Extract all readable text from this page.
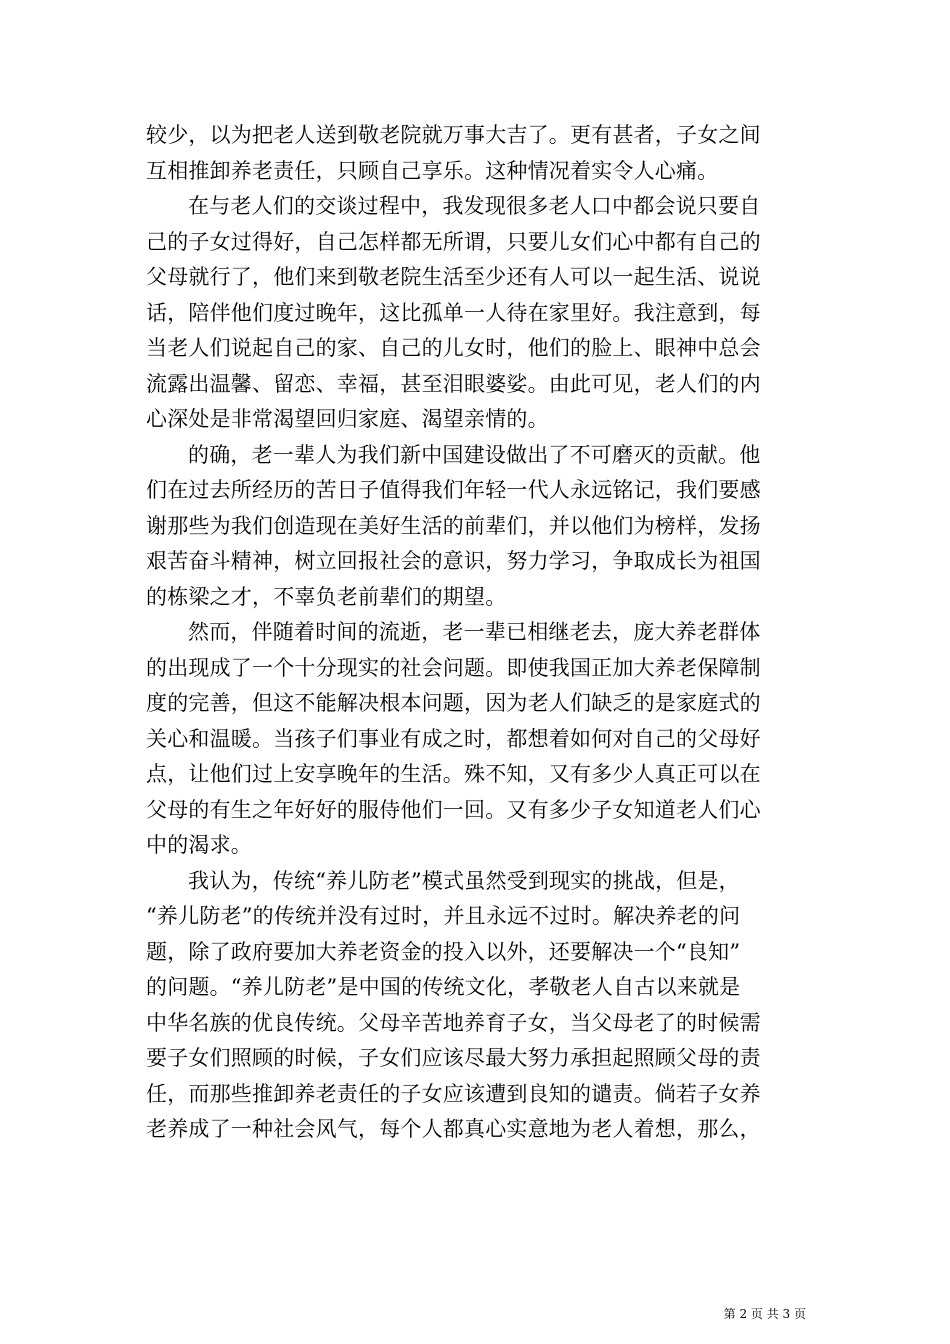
较少，以为把老人送到敬老院就万事大吉了。更有甚者，子女之间
互相推卸养老责任，只顾自己享乐。这种情况着实令人心痛。
在与老人们的交谈过程中，我发现很多老人口中都会说只要自
己的子女过得好，自己怎样都无所谓，只要儿女们心中都有自己的
父母就行了，他们来到敬老院生活至少还有人可以一起生活、说说
话，陪伴他们度过晚年，这比孤单一人待在家里好。我注意到，每
当老人们说起自己的家、自己的儿女时，他们的脸上、眼神中总会
流露出温馨、留恋、幸福，甚至泪眼婆娑。由此可见，老人们的内
心深处是非常渴望回归家庭、渴望亲情的。
的确，老一辈人为我们新中国建设做出了不可磨灭的贡献。他
们在过去所经历的苦日子值得我们年轻一代人永远铭记，我们要感
谢那些为我们创造现在美好生活的前辈们，并以他们为榜样，发扬
艰苦奋斗精神，树立回报社会的意识，努力学习，争取成长为祖国
的栋梁之才，不辜负老前辈们的期望。
然而，伴随着时间的流逝，老一辈已相继老去，庞大养老群体
的出现成了一个十分现实的社会问题。即使我国正加大养老保障制
度的完善，但这不能解决根本问题，因为老人们缺乏的是家庭式的
关心和温暖。当孩子们事业有成之时，都想着如何对自己的父母好
点，让他们过上安享晚年的生活。殊不知，又有多少人真正可以在
父母的有生之年好好的服侍他们一回。又有多少子女知道老人们心
中的渴求。
我认为，传统“养儿防老”模式虽然受到现实的挑战，但是，
“养儿防老”的传统并没有过时，并且永远不过时。解决养老的问
题，除了政府要加大养老资金的投入以外，还要解决一个“良知”
的问题。“养儿防老”是中国的传统文化，孝敬老人自古以来就是
中华名族的优良传统。父母辛苦地养育子女，当父母老了的时候需
要子女们照顾的时候，子女们应该尽最大努力承担起照顾父母的责
任，而那些推卸养老责任的子女应该遭到良知的谴责。倘若子女养
老养成了一种社会风气，每个人都真心实意地为老人着想，那么，
第 2 页 共 3 页
